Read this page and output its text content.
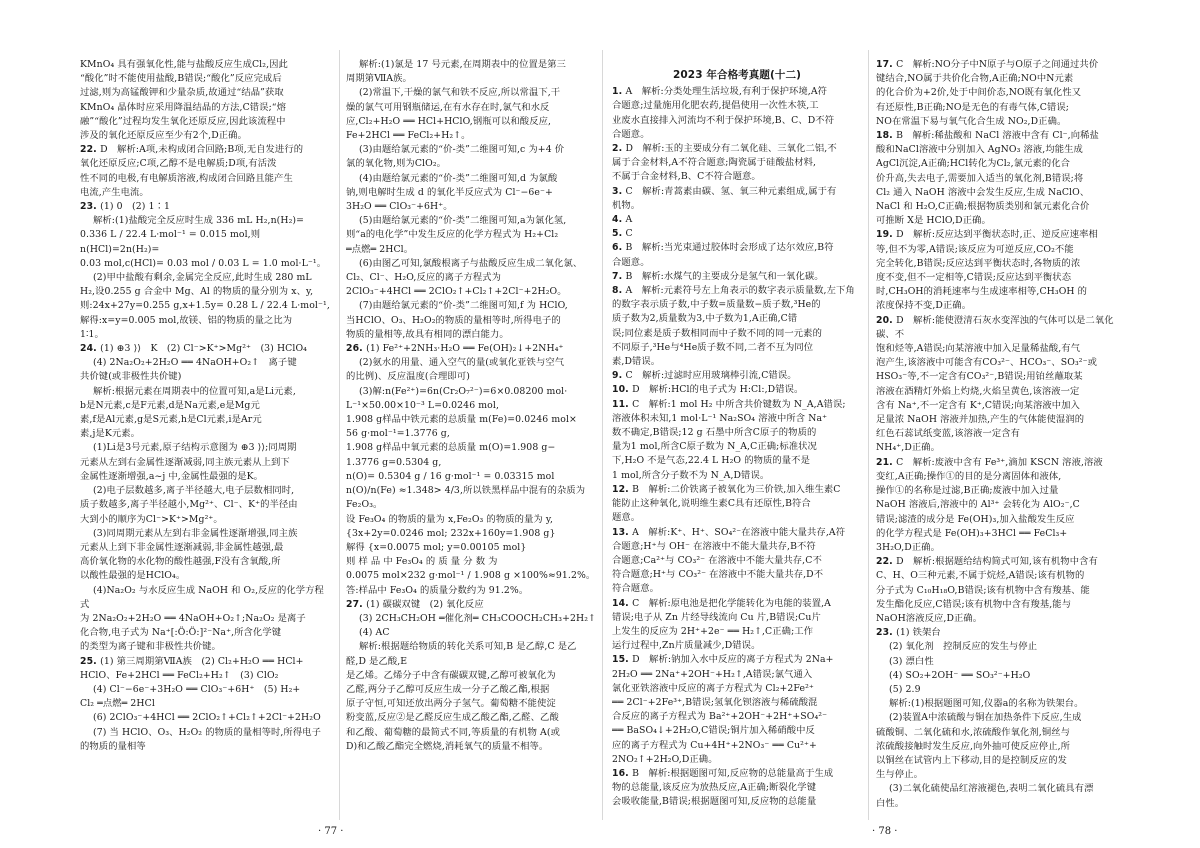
KMnO₄ 具有强氧化性,能与盐酸反应生成Cl₂,因此

“酸化”时不能使用盐酸,B错误;“酸化”反应完成后

过滤,则为高锰酸钾和少量杂质,故通过“结晶”获取

KMnO₄ 晶体时应采用降温结晶的方法,C错误;“熔

融”“酸化”过程均发生氧化还原反应,因此该流程中

涉及的氧化还原反应至少有2个,D正确。

22. D　解析:A项,未构成闭合回路;B项,无自发进行的

氧化还原反应;C项,乙醇不是电解质;D项,有活泼

性不同的电极,有电解质溶液,构成闭合回路且能产生

电流,产生电流。

23. (1) 0　(2) 1∶1

解析:(1)盐酸完全反应时生成 336 mL H₂,n(H₂)=

0.336 L / 22.4 L·mol⁻¹ = 0.015 mol,则 n(HCl)=2n(H₂)=

0.03 mol,c(HCl)= 0.03 mol / 0.03 L = 1.0 mol·L⁻¹。

(2)甲中盐酸有剩余,金属完全反应,此时生成 280 mL

H₂,设0.255 g 合金中 Mg、Al 的物质的量分别为 x、y,

则:24x+27y=0.255 g,x+1.5y= 0.28 L / 22.4 L·mol⁻¹,

解得:x=y=0.005 mol,故镁、铝的物质的量之比为

1∶1。

24. (1) ⊕3 ⟩⟩　K　(2) Cl⁻>K⁺>Mg²⁺　(3) HClO₄

(4) 2Na₂O₂+2H₂O ══ 4NaOH+O₂↑　离子键

共价键(或非极性共价键)

解析:根据元素在周期表中的位置可知,a是Li元素,

b是N元素,c是F元素,d是Na元素,e是Mg元

素,f是Al元素,g是S元素,h是Cl元素,i是Ar元

素,j是K元素。

(1)Li是3号元素,原子结构示意图为 ⊕3 ⟩⟩;同周期

元素从左到右金属性逐渐减弱,同主族元素从上到下

金属性逐渐增强,a~j 中,金属性最强的是K。

(2)电子层数越多,离子半径越大,电子层数相同时,

质子数越多,离子半径越小,Mg²⁺、Cl⁻、K⁺的半径由

大到小的顺序为Cl⁻>K⁺>Mg²⁺。

(3)同周期元素从左到右非金属性逐渐增强,同主族

元素从上到下非金属性逐渐减弱,非金属性越强,最

高价氧化物的水化物的酸性越强,F没有含氧酸,所

以酸性最强的是HClO₄。

(4)Na₂O₂ 与水反应生成 NaOH 和 O₂,反应的化学方程式

为 2Na₂O₂+2H₂O ══ 4NaOH+O₂↑;Na₂O₂ 是离子

化合物,电子式为 Na⁺[:Ö:Ö:]²⁻Na⁺,所含化学键

的类型为离子键和非极性共价键。

25. (1) 第三周期第ⅦA族　(2) Cl₂+H₂O ══ HCl+

HClO、Fe+2HCl ══ FeCl₂+H₂↑　(3) ClO₂

(4) Cl⁻−6e⁻+3H₂O ══ ClO₃⁻+6H⁺　(5) H₂+

Cl₂ ═点燃═ 2HCl

(6) 2ClO₃⁻+4HCl ══ 2ClO₂↑+Cl₂↑+2Cl⁻+2H₂O

(7) 当 HClO、O₃、H₂O₂ 的物质的量相等时,所得电子

的物质的量相等

解析:(1)氯是 17 号元素,在周期表中的位置是第三

周期第ⅦA族。

(2)常温下,干燥的氯气和铁不反应,所以常温下,干

燥的氯气可用钢瓶储运,在有水存在时,氯气和水反

应,Cl₂+H₂O ══ HCl+HClO,钢瓶可以和酸反应,

Fe+2HCl ══ FeCl₂+H₂↑。

(3)由题给氯元素的“价-类”二维图可知,c 为+4 价

氯的氧化物,则为ClO₂。

(4)由题给氯元素的“价-类”二维图可知,d 为氯酸

钠,则电解时生成 d 的氧化半反应式为 Cl⁻−6e⁻+

3H₂O ══ ClO₃⁻+6H⁺。

(5)由题给氯元素的“价-类”二维图可知,a为氯化氢,

则“a的电化学”中发生反应的化学方程式为 H₂+Cl₂

═点燃═ 2HCl。

(6)由图乙可知,氯酸根离子与盐酸反应生成二氧化氯、

Cl₂、Cl⁻、H₂O,反应的离子方程式为

2ClO₃⁻+4HCl ══ 2ClO₂↑+Cl₂↑+2Cl⁻+2H₂O。

(7)由题给氯元素的“价-类”二维图可知,f 为 HClO,

当HClO、O₃、H₂O₂的物质的量相等时,所得电子的

物质的量相等,故具有相同的漂白能力。

26. (1) Fe²⁺+2NH₃·H₂O ══ Fe(OH)₂↓+2NH₄⁺

(2)氨水的用量、通入空气的量(或氧化亚铁与空气

的比例)、反应温度(合理即可)

(3)解:n(Fe²⁺)=6n(Cr₂O₇²⁻)=6×0.08200 mol·

L⁻¹×50.00×10⁻³ L=0.0246 mol,

1.908 g样品中铁元素的总质量 m(Fe)=0.0246 mol×

56 g·mol⁻¹=1.3776 g,

1.908 g样品中氧元素的总质量 m(O)=1.908 g−

1.3776 g=0.5304 g,

n(O)= 0.5304 g / 16 g·mol⁻¹ = 0.03315 mol

n(O)/n(Fe) ≈1.348> 4/3,所以铁黑样品中混有的杂质为

Fe₂O₃。

设 Fe₃O₄ 的物质的量为 x,Fe₂O₃ 的物质的量为 y,

{3x+2y=0.0246 mol; 232x+160y=1.908 g}

解得 {x=0.0075 mol; y=0.00105 mol}

则 样 品 中 Fe₃O₄ 的 质 量 分 数 为

0.0075 mol×232 g·mol⁻¹ / 1.908 g ×100%≈91.2%。

答:样品中 Fe₃O₄ 的质量分数约为 91.2%。

27. (1) 碳碳双键　(2) 氧化反应

(3) 2CH₃CH₂OH ═催化剂═ CH₃COOCH₂CH₃+2H₂↑

(4) AC

解析:根据题给物质的转化关系可知,B 是乙醇,C 是乙醛,D 是乙酸,E

是乙烯。乙烯分子中含有碳碳双键,乙醇可被氧化为

乙醛,两分子乙醇可反应生成一分子乙酸乙酯,根据

原子守恒,可知还放出两分子氢气。葡萄糖不能使淀

粉变蓝,反应②是乙醛反应生成乙酸乙酯,乙醛、乙酸

和乙酸、葡萄糖的最简式不同,等质量的有机物 A(或

D)和乙酸乙酯完全燃烧,消耗氧气的质量不相等。

2023 年合格考真题(十二)

1. A　解析:分类处理生活垃圾,有利于保护环境,A符

合题意;过量施用化肥农药,提倡使用一次性木筷,工

业废水直接排入河流均不利于保护环境,B、C、D不符

合题意。

2. D　解析:玉的主要成分有二氧化硅、三氧化二铝,不

属于合金材料,A不符合题意;陶瓷属于硅酸盐材料,

不属于合金材料,B、C不符合题意。

3. C　解析:青蒿素由碳、氢、氧三种元素组成,属于有

机物。

4. A

5. C

6. B　解析:当光束通过胶体时会形成了达尔效应,B符

合题意。

7. B　解析:水煤气的主要成分是氢气和一氧化碳。

8. A　解析:元素符号左上角表示的数字表示质量数,左下角

的数字表示质子数,中子数=质量数−质子数,³He的

质子数为2,质量数为3,中子数为1,A正确,C错

误;同位素是质子数相同而中子数不同的同一元素的

不同原子,³He与⁴He质子数不同,二者不互为同位

素,D错误。

9. C　解析:过滤时应用玻璃棒引流,C错误。

10. D　解析:HCl的电子式为 H:Cl:,D错误。

11. C　解析:1 mol H₂ 中所含共价键数为 N_A,A错误;

溶液体积未知,1 mol·L⁻¹ Na₂SO₄ 溶液中所含 Na⁺

数不确定,B错误;12 g 石墨中所含C原子的物质的

量为1 mol,所含C原子数为 N_A,C正确;标准状况

下,H₂O 不是气态,22.4 L H₂O 的物质的量不是

1 mol,所含分子数不为 N_A,D错误。

12. B　解析:二价铁离子被氧化为三价铁,加入维生素C

能防止这种氧化,说明维生素C具有还原性,B符合

题意。

13. A　解析:K⁺、H⁺、SO₄²⁻在溶液中能大量共存,A符

合题意;H⁺与 OH⁻ 在溶液中不能大量共存,B不符

合题意;Ca²⁺与 CO₃²⁻ 在溶液中不能大量共存,C不

符合题意;H⁺与 CO₃²⁻ 在溶液中不能大量共存,D不

符合题意。

14. C　解析:原电池是把化学能转化为电能的装置,A

错误;电子从 Zn 片经导线流向 Cu 片,B错误;Cu片

上发生的反应为 2H⁺+2e⁻ ══ H₂↑,C正确;工作

运行过程中,Zn片质量减少,D错误。

15. D　解析:钠加入水中反应的离子方程式为 2Na+

2H₂O ══ 2Na⁺+2OH⁻+H₂↑,A错误;氯气通入

氯化亚铁溶液中反应的离子方程式为 Cl₂+2Fe²⁺

══ 2Cl⁻+2Fe³⁺,B错误;氢氧化钡溶液与稀硫酸混

合反应的离子方程式为 Ba²⁺+2OH⁻+2H⁺+SO₄²⁻

══ BaSO₄↓+2H₂O,C错误;铜片加入稀硝酸中反

应的离子方程式为 Cu+4H⁺+2NO₃⁻ ══ Cu²⁺+

2NO₂↑+2H₂O,D正确。

16. B　解析:根据题图可知,反应物的总能量高于生成

物的总能量,该反应为放热反应,A正确;断裂化学键

会吸收能量,B错误;根据题图可知,反应物的总能量

17. C　解析:NO分子中N原子与O原子之间通过共价

键结合,NO属于共价化合物,A正确;NO中N元素

的化合价为+2价,处于中间价态,NO既有氧化性又

有还原性,B正确;NO是无色的有毒气体,C错误;

NO在常温下易与氧气化合生成 NO₂,D正确。

18. B　解析:稀盐酸和 NaCl 溶液中含有 Cl⁻,向稀盐

酸和NaCl溶液中分别加入 AgNO₃ 溶液,均能生成

AgCl沉淀,A正确;HCl转化为Cl₂,氯元素的化合

价升高,失去电子,需要加入适当的氧化剂,B错误;将

Cl₂ 通入 NaOH 溶液中会发生反应,生成 NaClO、

NaCl 和 H₂O,C正确;根据物质类别和氯元素化合价

可推断 X是 HClO,D正确。

19. D　解析:反应达到平衡状态时,正、逆反应速率相

等,但不为零,A错误;该反应为可逆反应,CO₂不能

完全转化,B错误;反应达到平衡状态时,各物质的浓

度不变,但不一定相等,C错误;反应达到平衡状态

时,CH₃OH的消耗速率与生成速率相等,CH₃OH 的

浓度保持不变,D正确。

20. D　解析:能使澄清石灰水变浑浊的气体可以是二氧化碳、不

饱和烃等,A错误;向某溶液中加入足量稀盐酸,有气

泡产生,该溶液中可能含有CO₃²⁻、HCO₃⁻、SO₃²⁻或

HSO₃⁻等,不一定含有CO₃²⁻,B错误;用铂丝蘸取某

溶液在酒精灯外焰上灼烧,火焰呈黄色,该溶液一定

含有 Na⁺,不一定含有 K⁺,C错误;向某溶液中加入

足量浓 NaOH 溶液并加热,产生的气体能使湿润的

红色石蕊试纸变蓝,该溶液一定含有

NH₄⁺,D正确。

21. C　解析:废液中含有 Fe³⁺,滴加 KSCN 溶液,溶液

变红,A正确;操作①的目的是分离固体和液体,

操作①的名称是过滤,B正确;废液中加入过量

NaOH 溶液后,溶液中的 Al³⁺ 会转化为 AlO₂⁻,C

错误;滤渣的成分是 Fe(OH)₃,加入盐酸发生反应

的化学方程式是 Fe(OH)₃+3HCl ══ FeCl₃+

3H₂O,D正确。

22. D　解析:根据题给结构简式可知,该有机物中含有

C、H、O三种元素,不属于烷烃,A错误;该有机物的

分子式为 C₁₀H₁₈O,B错误;该有机物中含有羧基、能

发生酯化反应,C错误;该有机物中含有羧基,能与

NaOH溶液反应,D正确。

23. (1) 铁架台

(2) 氧化剂　控制反应的发生与停止

(3) 漂白性

(4) SO₂+2OH⁻ ══ SO₃²⁻+H₂O

(5) 2.9

解析:(1)根据题图可知,仪器a的名称为铁架台。

(2)装置A中浓硫酸与铜在加热条件下反应,生成

硫酸铜、二氧化硫和水,浓硫酸作氧化剂,铜丝与

浓硫酸接触时发生反应,向外抽可使反应停止,所

以铜丝在试管内上下移动,目的是控制反应的发

生与停止。

(3)二氧化硫使品红溶液褪色,表明二氧化硫具有漂

白性。

· 77 ·	· 78 ·
